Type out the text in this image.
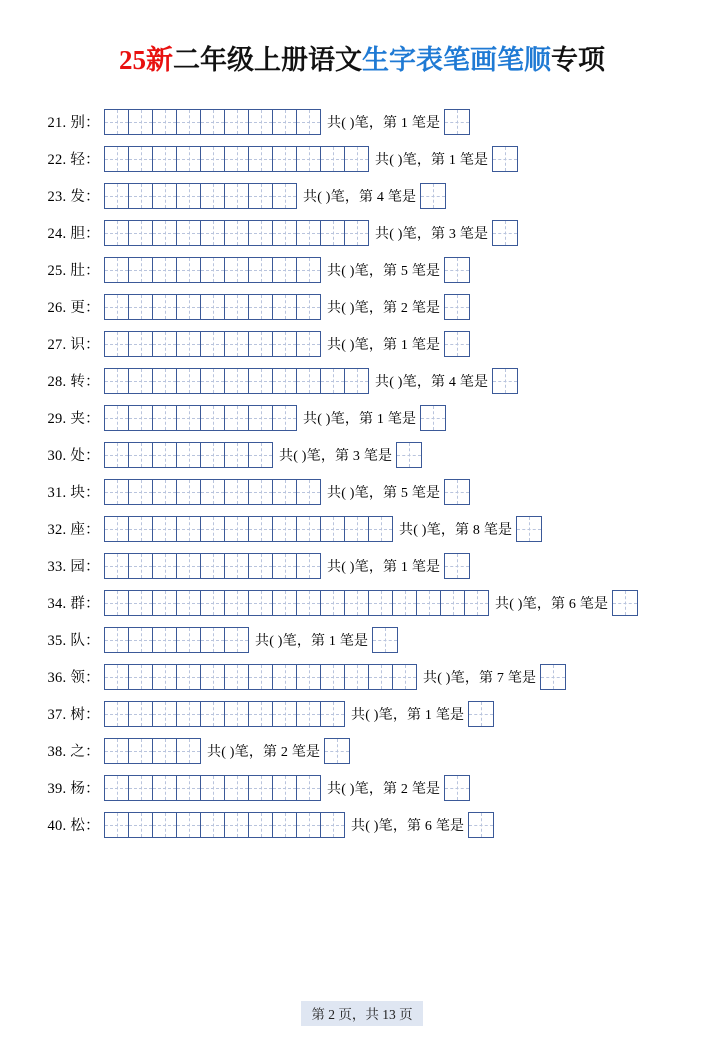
25新二年级上册语文生字表笔画笔顺专项
21. 别：	共( )笔，第 1 笔是
22. 轻：	共( )笔，第 1 笔是
23. 发：	共( )笔，第 4 笔是
24. 胆：	共( )笔，第 3 笔是
25. 肚：	共( )笔，第 5 笔是
26. 更：	共( )笔，第 2 笔是
27. 识：	共( )笔，第 1 笔是
28. 转：	共( )笔，第 4 笔是
29. 夹：	共( )笔，第 1 笔是
30. 处：	共( )笔，第 3 笔是
31. 块：	共( )笔，第 5 笔是
32. 座：	共( )笔，第 8 笔是
33. 园：	共( )笔，第 1 笔是
34. 群：	共( )笔，第 6 笔是
35. 队：	共( )笔，第 1 笔是
36. 领：	共( )笔，第 7 笔是
37. 树：	共( )笔，第 1 笔是
38. 之：	共( )笔，第 2 笔是
39. 杨：	共( )笔，第 2 笔是
40. 松：	共( )笔，第 6 笔是
第 2 页，共 13 页
